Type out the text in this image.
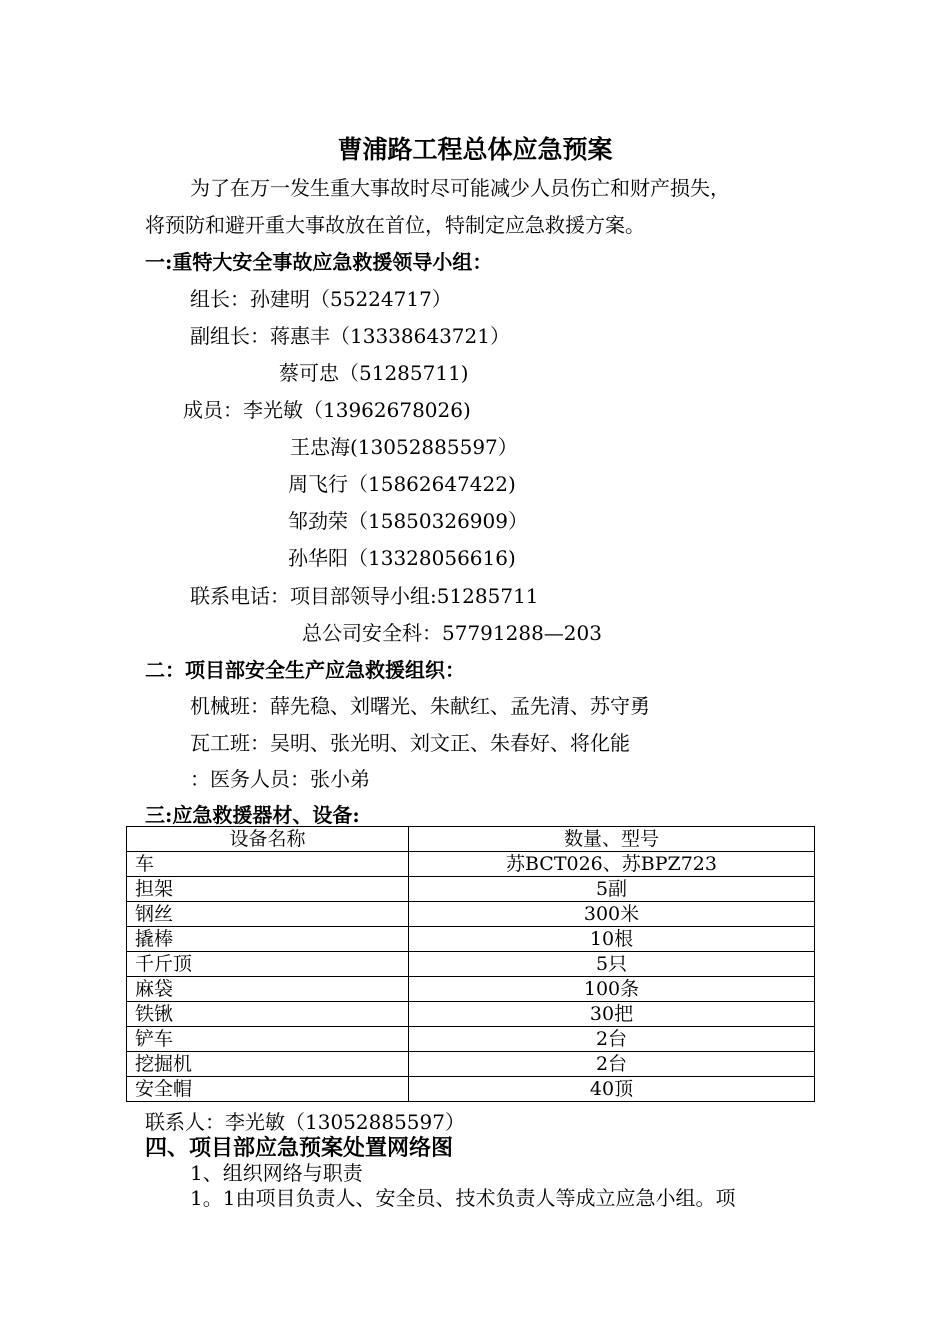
曹浦路工程总体应急预案
为了在万一发生重大事故时尽可能减少人员伤亡和财产损失，
将预防和避开重大事故放在首位，特制定应急救援方案。
一:重特大安全事故应急救援领导小组：
组长：孙建明（55224717）
副组长：蒋惠丰（13338643721）
蔡可忠（51285711)
成员：李光敏（13962678026)
王忠海(13052885597）
周飞行（15862647422)
邹劲荣（15850326909）
孙华阳（13328056616)
联系电话：项目部领导小组:51285711
总公司安全科：57791288—203
二：项目部安全生产应急救援组织：
机械班：薛先稳、刘曙光、朱献红、孟先清、苏守勇
瓦工班：吴明、张光明、刘文正、朱春好、将化能
：医务人员：张小弟
三:应急救援器材、设备:
设备名称	数量、型号
车	苏BCT026、苏BPZ723
担架	5副
钢丝	300米
撬棒	10根
千斤顶	5只
麻袋	100条
铁锹	30把
铲车	2台
挖掘机	2台
安全帽	40顶
联系人：李光敏（13052885597）
四、项目部应急预案处置网络图
1、组织网络与职责
1。1由项目负责人、安全员、技术负责人等成立应急小组。项
